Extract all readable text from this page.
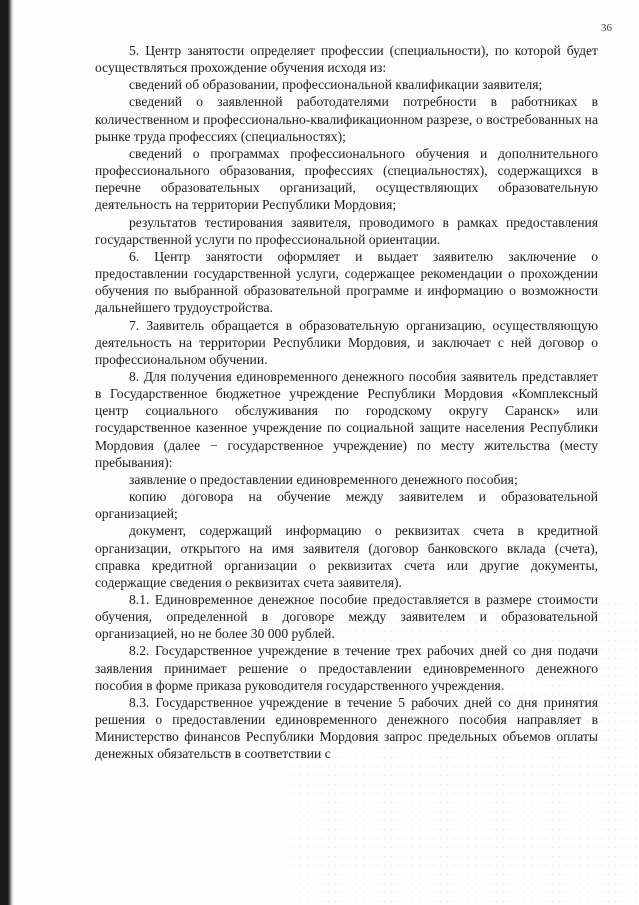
36

5. Центр занятости определяет профессии (специальности), по которой будет осуществляться прохождение обучения исходя из:

сведений об образовании, профессиональной квалификации заявителя;

сведений о заявленной работодателями потребности в работниках в количественном и профессионально-квалификационном разрезе, о востребованных на рынке труда профессиях (специальностях);

сведений о программах профессионального обучения и дополнительного профессионального образования, профессиях (специальностях), содержащихся в перечне образовательных организаций, осуществляющих образовательную деятельность на территории Республики Мордовия;

результатов тестирования заявителя, проводимого в рамках предоставления государственной услуги по профессиональной ориентации.

6. Центр занятости оформляет и выдает заявителю заключение о предоставлении государственной услуги, содержащее рекомендации о прохождении обучения по выбранной образовательной программе и информацию о возможности дальнейшего трудоустройства.

7. Заявитель обращается в образовательную организацию, осуществляющую деятельность на территории Республики Мордовия, и заключает с ней договор о профессиональном обучении.

8. Для получения единовременного денежного пособия заявитель представляет в Государственное бюджетное учреждение Республики Мордовия «Комплексный центр социального обслуживания по городскому округу Саранск» или государственное казенное учреждение по социальной защите населения Республики Мордовия (далее − государственное учреждение) по месту жительства (месту пребывания):

заявление о предоставлении единовременного денежного пособия;

копию договора на обучение между заявителем и образовательной организацией;

документ, содержащий информацию о реквизитах счета в кредитной организации, открытого на имя заявителя (договор банковского вклада (счета), справка кредитной организации о реквизитах счета или другие документы, содержащие сведения о реквизитах счета заявителя).

8.1. Единовременное денежное пособие предоставляется в размере стоимости обучения, определенной в договоре между заявителем и образовательной организацией, но не более 30 000 рублей.

8.2. Государственное учреждение в течение трех рабочих дней со дня подачи заявления принимает решение о предоставлении единовременного денежного пособия в форме приказа руководителя государственного учреждения.

8.3. Государственное учреждение в течение 5 рабочих дней со дня принятия решения о предоставлении единовременного денежного пособия направляет в Министерство финансов Республики Мордовия запрос предельных объемов оплаты денежных обязательств в соответствии с
